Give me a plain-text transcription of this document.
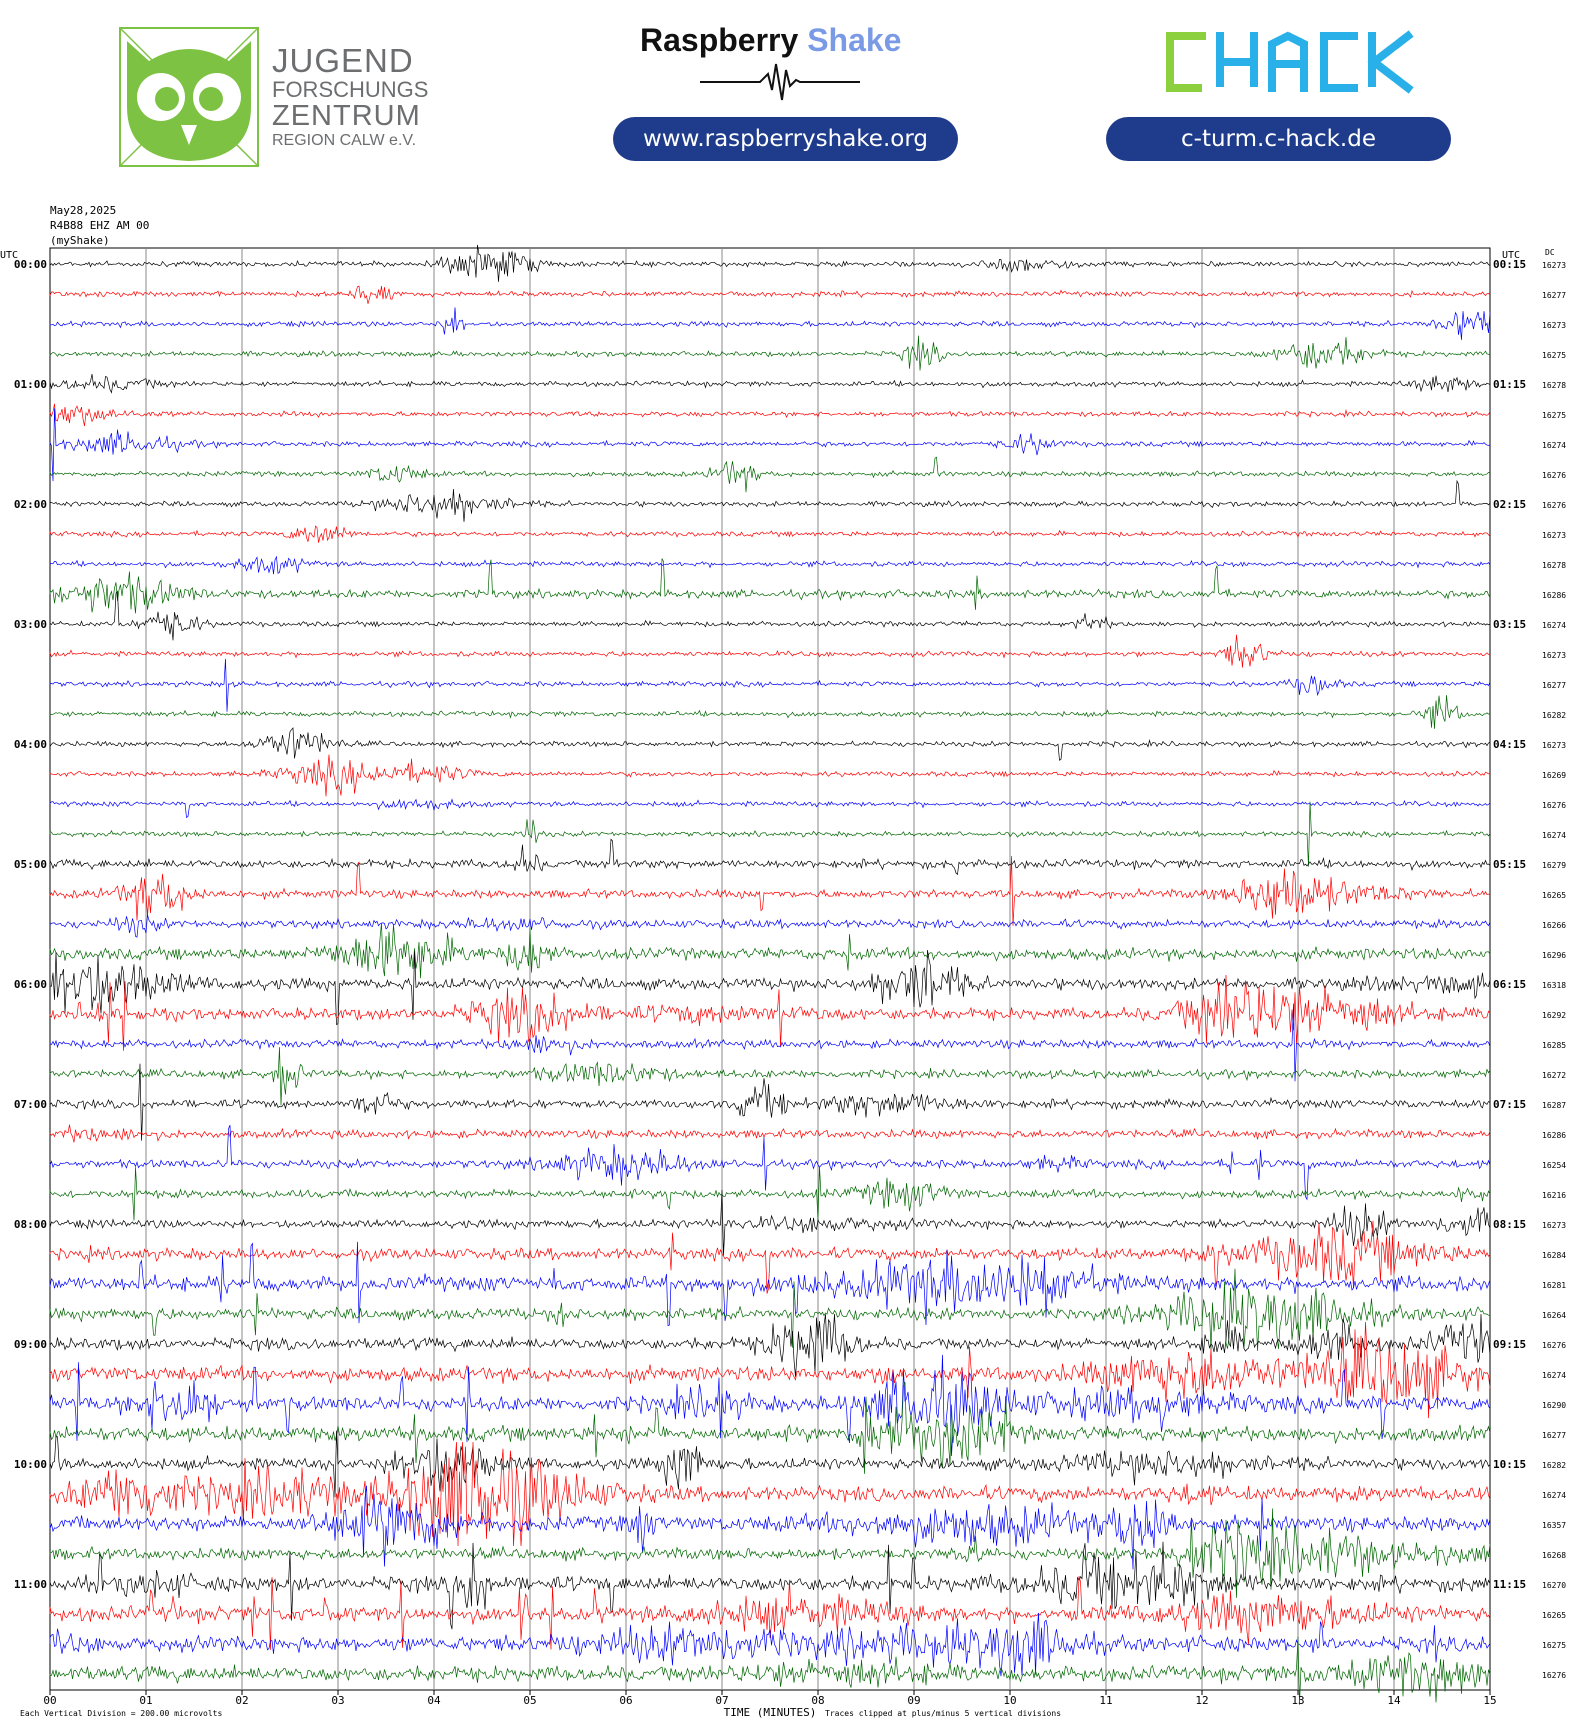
JUGEND
FORSCHUNGS
ZENTRUM
REGION CALW e.V.
Raspberry Shake
www.raspberryshake.org	c-turm.c-hack.de
May28,2025
R4B88 EHZ AM 00
(myShake)
00	01	02	03	04	05	06	07	08	09	10	11	12	13	14	15
TIME (MINUTES)
Each Vertical Division = 200.00 microvolts	Traces clipped at plus/minus 5 vertical divisions
UTC	UTC	DC
16273
00:00	00:15
16277
16273
16275
16278
01:00	01:15
16275
16274
16276
16276
02:00	02:15
16273
16278
16286
16274
03:00	03:15
16273
16277
16282
16273
04:00	04:15
16269
16276
16274
16279
05:00	05:15
16265
16266
16296
16318
06:00	06:15
16292
16285
16272
16287
07:00	07:15
16286
16254
16216
16273
08:00	08:15
16284
16281
16264
16276
09:00	09:15
16274
16290
16277
16282
10:00	10:15
16274
16357
16268
16270
11:00	11:15
16265
16275
16276
